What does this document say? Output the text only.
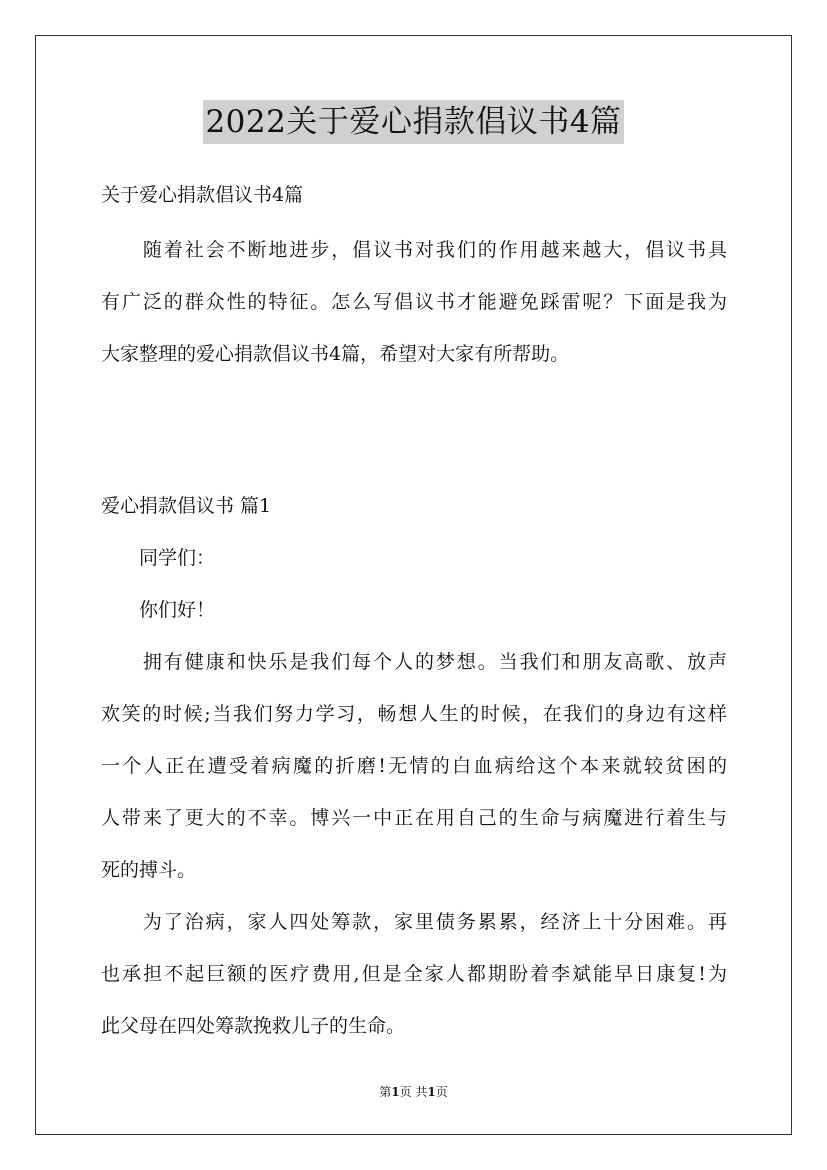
2022关于爱心捐款倡议书4篇
关于爱心捐款倡议书4篇
　　随着社会不断地进步，倡议书对我们的作用越来越大，倡议书具
有广泛的群众性的特征。怎么写倡议书才能避免踩雷呢？下面是我为
大家整理的爱心捐款倡议书4篇，希望对大家有所帮助。
爱心捐款倡议书 篇1
　　同学们：
　　你们好！
　　拥有健康和快乐是我们每个人的梦想。当我们和朋友高歌、放声
欢笑的时候;当我们努力学习，畅想人生的时候，在我们的身边有这样
一个人正在遭受着病魔的折磨!无情的白血病给这个本来就较贫困的
人带来了更大的不幸。博兴一中正在用自己的生命与病魔进行着生与
死的搏斗。
　　为了治病，家人四处筹款，家里债务累累，经济上十分困难。再
也承担不起巨额的医疗费用,但是全家人都期盼着李斌能早日康复!为
此父母在四处筹款挽救儿子的生命。
第1页 共1页
